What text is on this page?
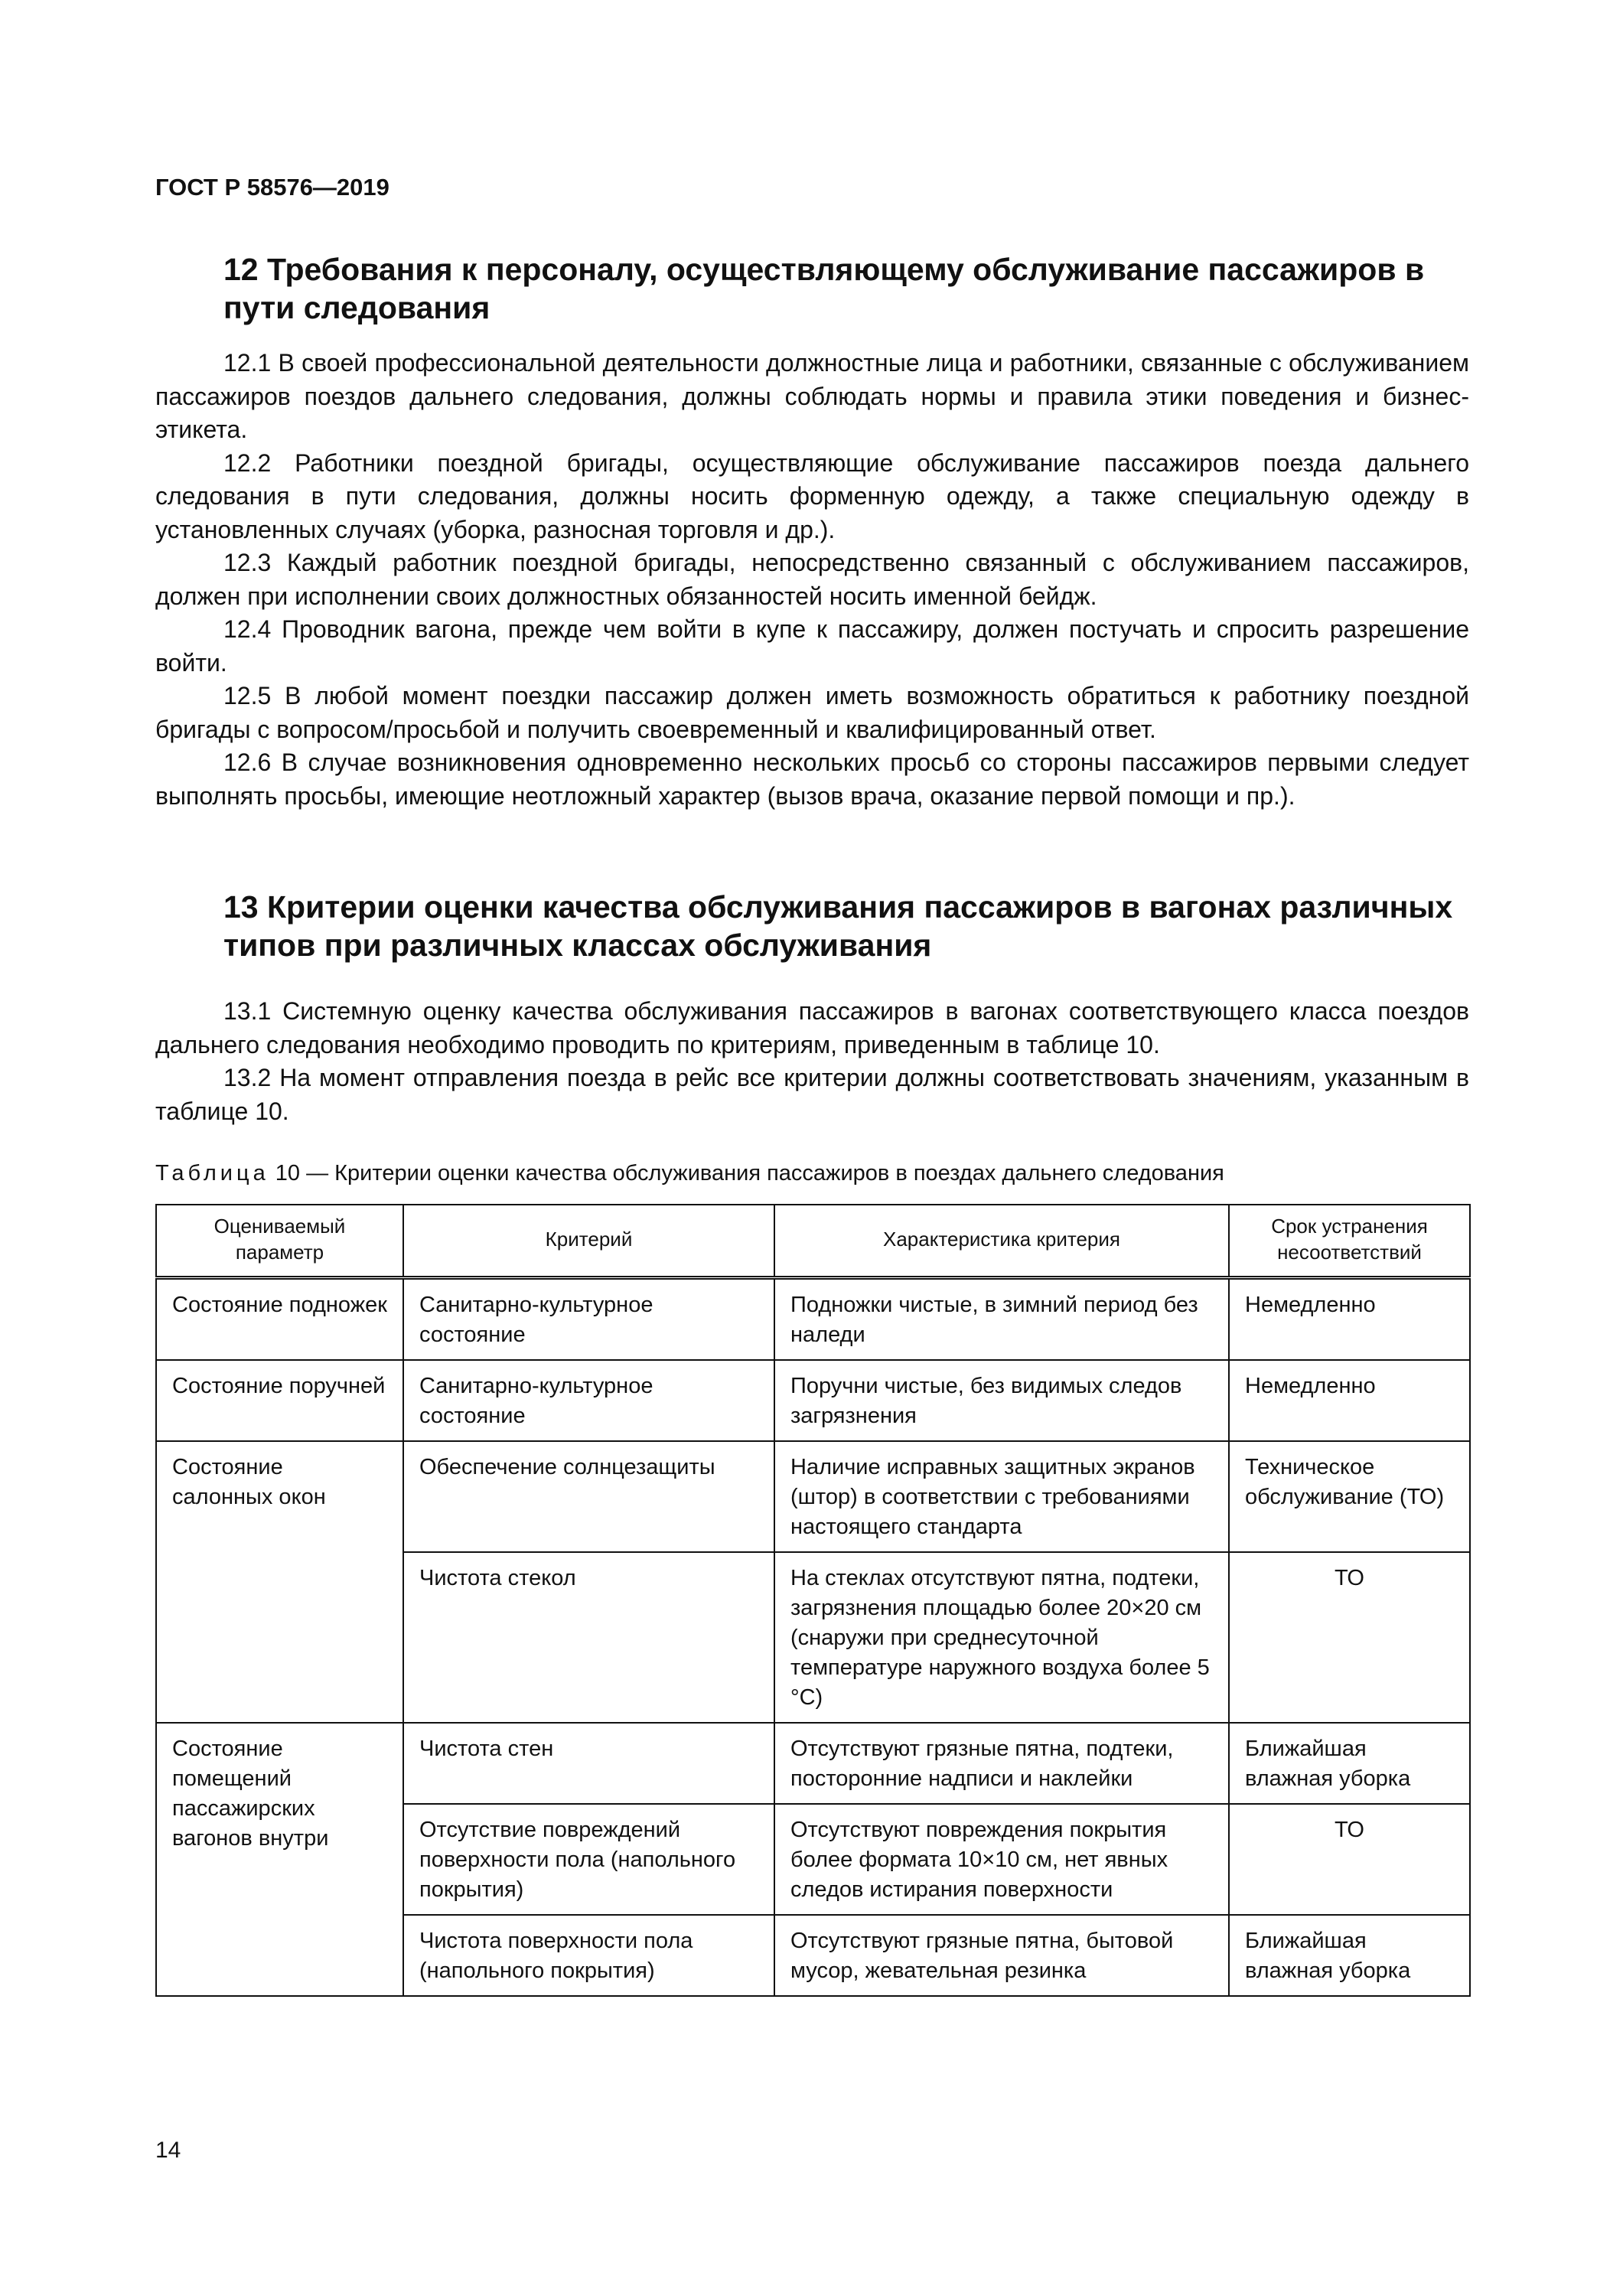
ГОСТ Р 58576—2019
12 Требования к персоналу, осуществляющему обслуживание пассажиров в пути следования

12.1 В своей профессиональной деятельности должностные лица и работники, связанные с обслуживанием пассажиров поездов дальнего следования, должны соблюдать нормы и правила этики поведения и бизнес-этикета.

12.2 Работники поездной бригады, осуществляющие обслуживание пассажиров поезда дальнего следования в пути следования, должны носить форменную одежду, а также специальную одежду в установленных случаях (уборка, разносная торговля и др.).

12.3 Каждый работник поездной бригады, непосредственно связанный с обслуживанием пассажиров, должен при исполнении своих должностных обязанностей носить именной бейдж.

12.4 Проводник вагона, прежде чем войти в купе к пассажиру, должен постучать и спросить разрешение войти.

12.5 В любой момент поездки пассажир должен иметь возможность обратиться к работнику поездной бригады с вопросом/просьбой и получить своевременный и квалифицированный ответ.

12.6 В случае возникновения одновременно нескольких просьб со стороны пассажиров первыми следует выполнять просьбы, имеющие неотложный характер (вызов врача, оказание первой помощи и пр.).

13 Критерии оценки качества обслуживания пассажиров в вагонах различных типов при различных классах обслуживания

13.1 Системную оценку качества обслуживания пассажиров в вагонах соответствующего класса поездов дальнего следования необходимо проводить по критериям, приведенным в таблице 10.

13.2 На момент отправления поезда в рейс все критерии должны соответствовать значениям, указанным в таблице 10.

Таблица 10 — Критерии оценки качества обслуживания пассажиров в поездах дальнего следования
Оцениваемый параметр	Критерий	Характеристика критерия	Срок устранения несоответствий
Состояние подножек	Санитарно-культурное состояние	Подножки чистые, в зимний период без наледи	Немедленно
Состояние поручней	Санитарно-культурное состояние	Поручни чистые, без видимых следов загрязнения	Немедленно
Состояние салонных окон	Обеспечение солнцезащиты	Наличие исправных защитных экранов (штор) в соответствии с требованиями настоящего стандарта	Техническое обслуживание (ТО)
	Чистота стекол	На стеклах отсутствуют пятна, подтеки, загрязнения площадью более 20×20 см (снаружи при среднесуточной температуре наружного воздуха более 5 °С)	ТО
Состояние помещений пассажирских вагонов внутри	Чистота стен	Отсутствуют грязные пятна, подтеки, посторонние надписи и наклейки	Ближайшая влажная уборка
	Отсутствие повреждений поверхности пола (напольного покрытия)	Отсутствуют повреждения покрытия более формата 10×10 см, нет явных следов истирания поверхности	ТО
	Чистота поверхности пола (напольного покрытия)	Отсутствуют грязные пятна, бытовой мусор, жевательная резинка	Ближайшая влажная уборка
14
